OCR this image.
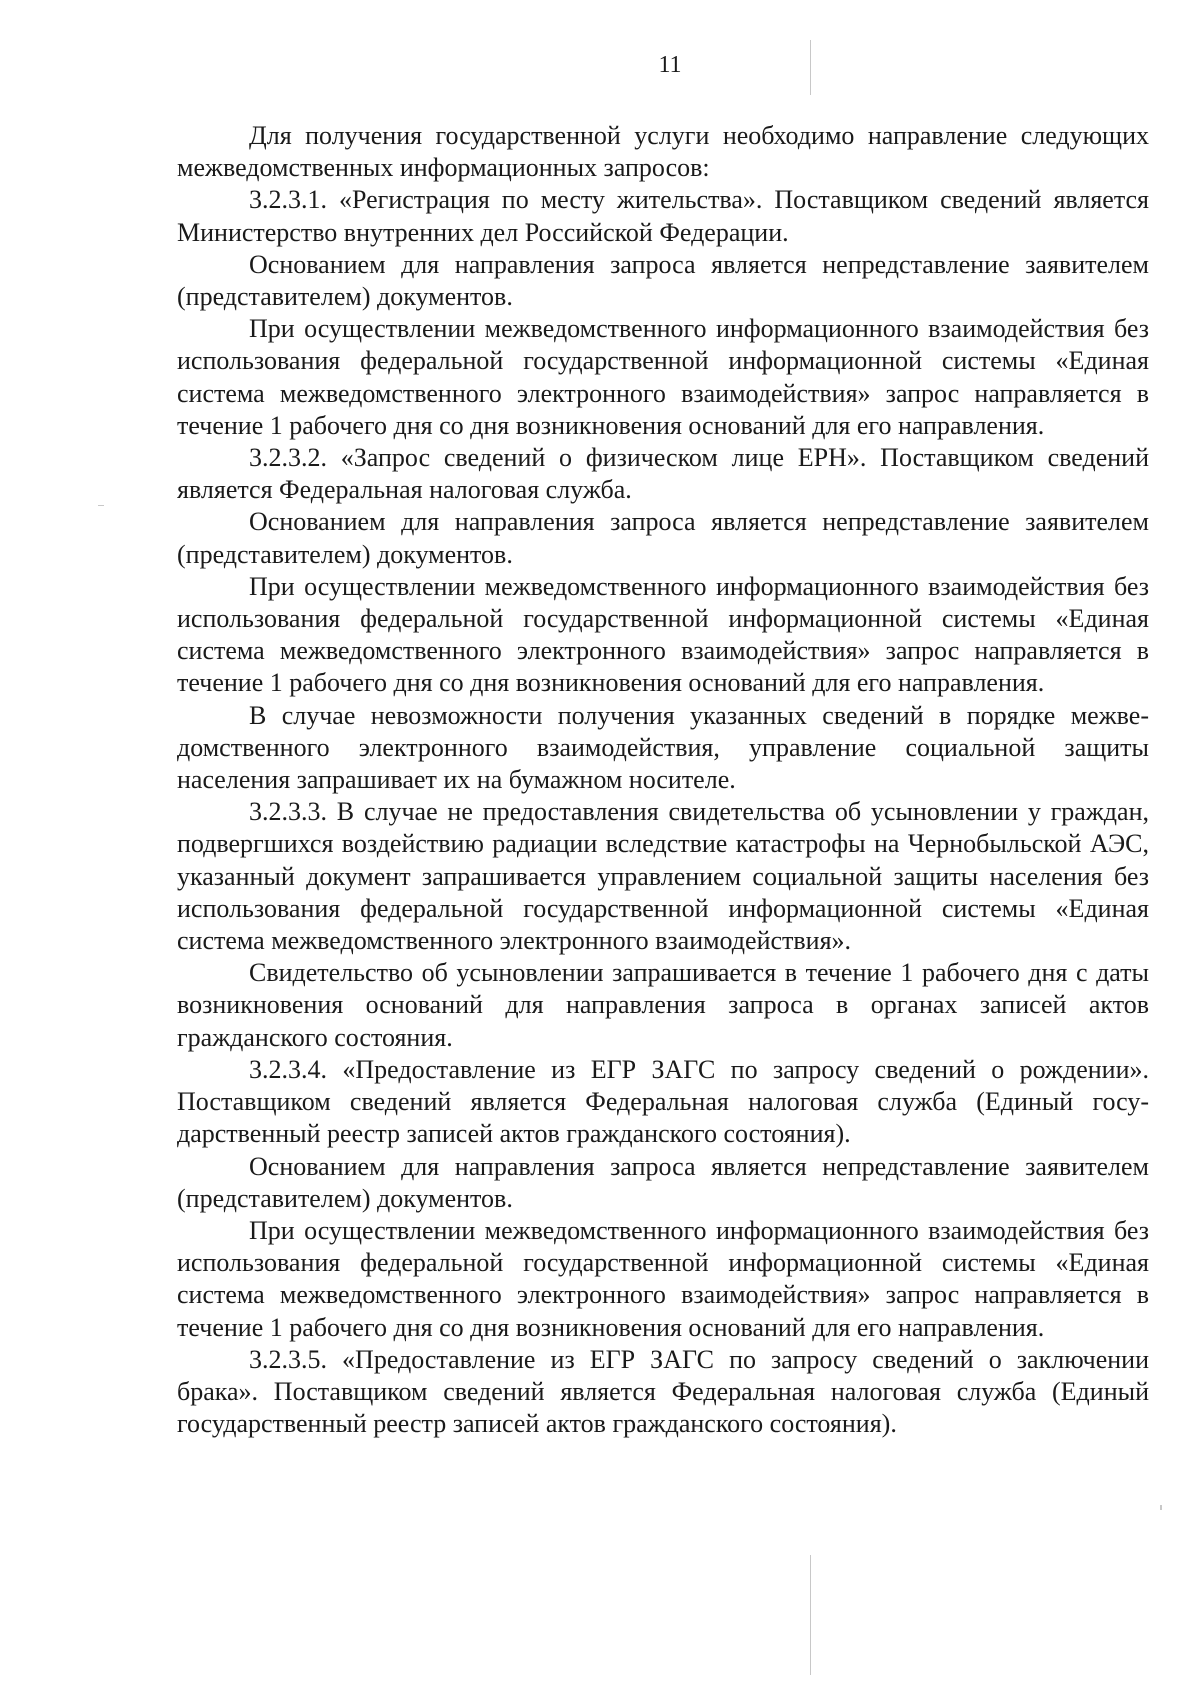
11

Для получения государственной услуги необходимо направление следующих межведомственных информационных запросов:

3.2.3.1. «Регистрация по месту жительства». Поставщиком сведений является Министерство внутренних дел Российской Федерации.

Основанием для направления запроса является непредставление заявителем (представителем) документов.

При осуществлении межведомственного информационного взаимодействия без использования федеральной государственной информационной системы «Единая система межведомственного электронного взаимодействия» запрос направляется в течение 1 рабочего дня со дня возникновения оснований для его направления.

3.2.3.2. «Запрос сведений о физическом лице ЕРН». Поставщиком сведений является Федеральная налоговая служба.

Основанием для направления запроса является непредставление заявителем (представителем) документов.

При осуществлении межведомственного информационного взаимодействия без использования федеральной государственной информационной системы «Единая система межведомственного электронного взаимодействия» запрос направляется в течение 1 рабочего дня со дня возникновения оснований для его направления.

В случае невозможности получения указанных сведений в порядке межведомственного электронного взаимодействия, управление социальной защиты населения запрашивает их на бумажном носителе.

3.2.3.3. В случае не предоставления свидетельства об усыновлении у граждан, подвергшихся воздействию радиации вследствие катастрофы на Чернобыльской АЭС, указанный документ запрашивается управлением социальной защиты населения без использования федеральной государственной информационной системы «Единая система межведомственного электронного взаимодействия».

Свидетельство об усыновлении запрашивается в течение 1 рабочего дня с даты возникновения оснований для направления запроса в органах записей актов гражданского состояния.

3.2.3.4. «Предоставление из ЕГР ЗАГС по запросу сведений о рождении». Поставщиком сведений является Федеральная налоговая служба (Единый государственный реестр записей актов гражданского состояния).

Основанием для направления запроса является непредставление заявителем (представителем) документов.

При осуществлении межведомственного информационного взаимодействия без использования федеральной государственной информационной системы «Единая система межведомственного электронного взаимодействия» запрос направляется в течение 1 рабочего дня со дня возникновения оснований для его направления.

3.2.3.5. «Предоставление из ЕГР ЗАГС по запросу сведений о заключении брака». Поставщиком сведений является Федеральная налоговая служба (Единый государственный реестр записей актов гражданского состояния).
